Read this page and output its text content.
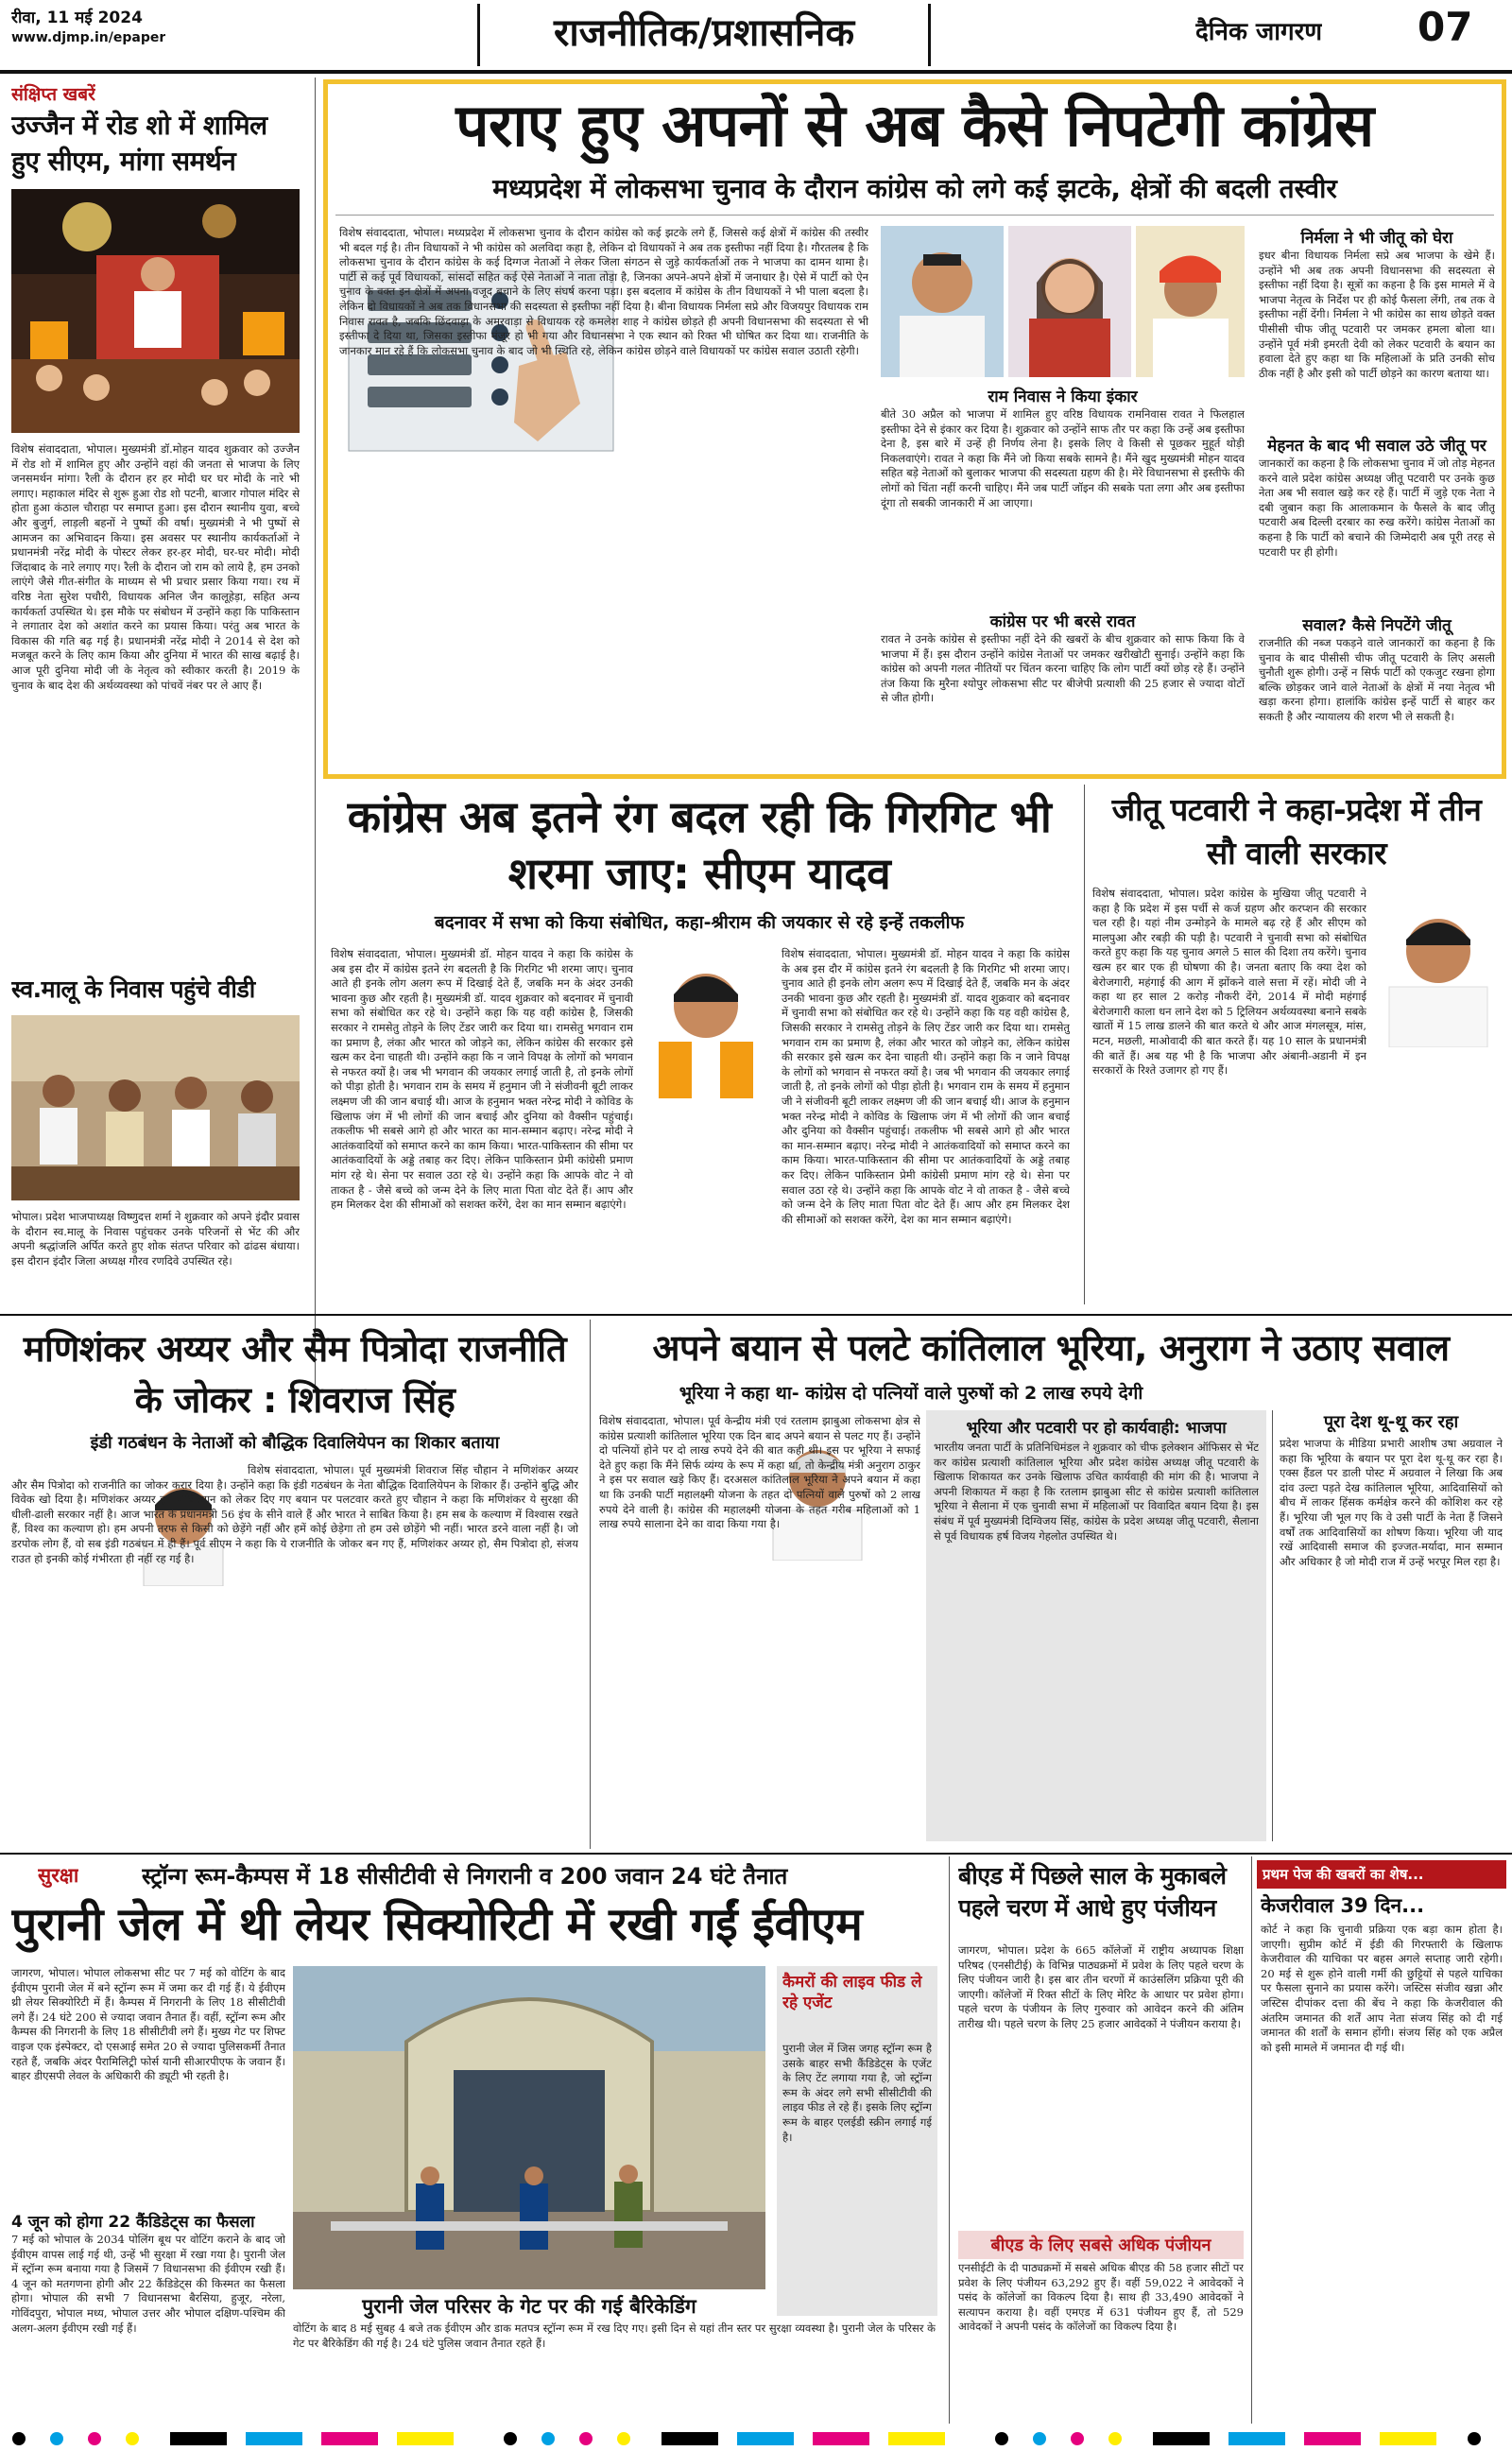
रीवा, 11 मई 2024
www.djmp.in/epaper	राजनीतिक/प्रशासनिक	दैनिक जागरण 07
संक्षिप्त खबरें
उज्जैन में रोड शो में शामिल हुए सीएम, मांगा समर्थन
विशेष संवाददाता, भोपाल। मुख्यमंत्री डॉ.मोहन यादव शुक्रवार को उज्जैन में रोड शो में शामिल हुए और उन्होंने वहां की जनता से भाजपा के लिए जनसमर्थन मांगा। रैली के दौरान हर हर मोदी घर घर मोदी के नारे भी लगाए। महाकाल मंदिर से शुरू हुआ रोड शो पटनी, बाजार गोपाल मंदिर से होता हुआ कंठाल चौराहा पर समाप्त हुआ। इस दौरान स्थानीय युवा, बच्चे और बुजुर्ग, लाड़ली बहनों ने पुष्पों की वर्षा। मुख्यमंत्री ने भी पुष्पों से आमजन का अभिवादन किया। इस अवसर पर स्थानीय कार्यकर्ताओं ने प्रधानमंत्री नरेंद्र मोदी के पोस्टर लेकर हर-हर मोदी, घर-घर मोदी। मोदी जिंदाबाद के नारे लगाए गए। रैली के दौरान जो राम को लाये है, हम उनको लाएंगे जैसे गीत-संगीत के माध्यम से भी प्रचार प्रसार किया गया। रथ में वरिष्ठ नेता सुरेश पचौरी, विधायक अनिल जैन कालूहेड़ा, सहित अन्य कार्यकर्ता उपस्थित थे। इस मौके पर संबोधन में उन्होंने कहा कि पाकिस्तान ने लगातार देश को अशांत करने का प्रयास किया। परंतु अब भारत के विकास की गति बढ़ गई है। प्रधानमंत्री नरेंद्र मोदी ने 2014 से देश को मजबूत करने के लिए काम किया और दुनिया में भारत की साख बढ़ाई है। आज पूरी दुनिया मोदी जी के नेतृत्व को स्वीकार करती है। 2019 के चुनाव के बाद देश की अर्थव्यवस्था को पांचवें नंबर पर ले आए हैं।
स्व.मालू के निवास पहुंचे वीडी
भोपाल। प्रदेश भाजपाध्यक्ष विष्णुदत्त शर्मा ने शुक्रवार को अपने इंदौर प्रवास के दौरान स्व.मालू के निवास पहुंचकर उनके परिजनों से भेंट की और अपनी श्रद्धांजलि अर्पित करते हुए शोक संतप्त परिवार को ढांढस बंधाया। इस दौरान इंदौर जिला अध्यक्ष गौरव रणदिवे उपस्थित रहे।
पराए हुए अपनों से अब कैसे निपटेगी कांग्रेस
मध्यप्रदेश में लोकसभा चुनाव के दौरान कांग्रेस को लगे कई झटके, क्षेत्रों की बदली तस्वीर
विशेष संवाददाता, भोपाल। मध्यप्रदेश में लोकसभा चुनाव के दौरान कांग्रेस को कई झटके लगे हैं, जिससे कई क्षेत्रों में कांग्रेस की तस्वीर भी बदल गई है। तीन विधायकों ने भी कांग्रेस को अलविदा कहा है, लेकिन दो विधायकों ने अब तक इस्तीफा नहीं दिया है। गौरतलब है कि लोकसभा चुनाव के दौरान कांग्रेस के कई दिग्गज नेताओं ने लेकर जिला संगठन से जुड़े कार्यकर्ताओं तक ने भाजपा का दामन थामा है। पार्टी से कई पूर्व विधायकों, सांसदों सहित कई ऐसे नेताओं ने नाता तोड़ा है, जिनका अपने-अपने क्षेत्रों में जनाधार है। ऐसे में पार्टी को ऐन चुनाव के वक्त इन क्षेत्रों में अपना वजूद बचाने के लिए संघर्ष करना पड़ा। इस बदलाव में कांग्रेस के तीन विधायकों ने भी पाला बदला है। लेकिन दो विधायकों ने अब तक विधानसभा की सदस्यता से इस्तीफा नहीं दिया है। बीना विधायक निर्मला सप्रे और विजयपुर विधायक राम निवास रावत है, जबकि छिंदवाड़ा के अमरवाड़ा से विधायक रहे कमलेश शाह ने कांग्रेस छोड़ते ही अपनी विधानसभा की सदस्यता से भी इस्तीफा दे दिया था, जिसका इस्तीफा मंजूर हो भी गया और विधानसभा ने एक स्थान को रिक्त भी घोषित कर दिया था। राजनीति के जानकार मान रहे हैं कि लोकसभा चुनाव के बाद जो भी स्थिति रहे, लेकिन कांग्रेस छोड़ने वाले विधायकों पर कांग्रेस सवाल उठाती रहेगी।
राम निवास ने किया इंकार
बीते 30 अप्रैल को भाजपा में शामिल हुए वरिष्ठ विधायक रामनिवास रावत ने फिलहाल इस्तीफा देने से इंकार कर दिया है। शुक्रवार को उन्होंने साफ तौर पर कहा कि उन्हें अब इस्तीफा देना है, इस बारे में उन्हें ही निर्णय लेना है। इसके लिए वे किसी से पूछकर मुहूर्त थोड़ी निकलवाएंगे। रावत ने कहा कि मैंने जो किया सबके सामने है। मैंने खुद मुख्यमंत्री मोहन यादव सहित बड़े नेताओं को बुलाकर भाजपा की सदस्यता ग्रहण की है। मेरे विधानसभा से इस्तीफे की लोगों को चिंता नहीं करनी चाहिए। मैंने जब पार्टी जॉइन की सबके पता लगा और अब इस्तीफा दूंगा तो सबकी जानकारी में आ जाएगा।
कांग्रेस पर भी बरसे रावत
रावत ने उनके कांग्रेस से इस्तीफा नहीं देने की खबरों के बीच शुक्रवार को साफ किया कि वे भाजपा में हैं। इस दौरान उन्होंने कांग्रेस नेताओं पर जमकर खरीखोटी सुनाई। उन्होंने कहा कि कांग्रेस को अपनी गलत नीतियों पर चिंतन करना चाहिए कि लोग पार्टी क्यों छोड़ रहे हैं। उन्होंने तंज किया कि मुरैना श्योपुर लोकसभा सीट पर बीजेपी प्रत्याशी की 25 हजार से ज्यादा वोटों से जीत होगी।
निर्मला ने भी जीतू को घेरा
इधर बीना विधायक निर्मला सप्रे अब भाजपा के खेमे हैं। उन्होंने भी अब तक अपनी विधानसभा की सदस्यता से इस्तीफा नहीं दिया है। सूत्रों का कहना है कि इस मामले में वे भाजपा नेतृत्व के निर्देश पर ही कोई फैसला लेंगी, तब तक वे इस्तीफा नहीं देंगी। निर्मला ने भी कांग्रेस का साथ छोड़ते वक्त पीसीसी चीफ जीतू पटवारी पर जमकर हमला बोला था। उन्होंने पूर्व मंत्री इमरती देवी को लेकर पटवारी के बयान का हवाला देते हुए कहा था कि महिलाओं के प्रति उनकी सोच ठीक नहीं है और इसी को पार्टी छोड़ने का कारण बताया था।
मेहनत के बाद भी सवाल उठे जीतू पर
जानकारों का कहना है कि लोकसभा चुनाव में जो तोड़ मेहनत करने वाले प्रदेश कांग्रेस अध्यक्ष जीतू पटवारी पर उनके कुछ नेता अब भी सवाल खड़े कर रहे हैं। पार्टी में जुड़े एक नेता ने दबी जुबान कहा कि आलाकमान के फैसले के बाद जीतू पटवारी अब दिल्ली दरबार का रुख करेंगे। कांग्रेस नेताओं का कहना है कि पार्टी को बचाने की जिम्मेदारी अब पूरी तरह से पटवारी पर ही होगी।
सवाल? कैसे निपटेंगे जीतू
राजनीति की नब्ज पकड़ने वाले जानकारों का कहना है कि चुनाव के बाद पीसीसी चीफ जीतू पटवारी के लिए असली चुनौती शुरू होगी। उन्हें न सिर्फ पार्टी को एकजुट रखना होगा बल्कि छोड़कर जाने वाले नेताओं के क्षेत्रों में नया नेतृत्व भी खड़ा करना होगा। हालांकि कांग्रेस इन्हें पार्टी से बाहर कर सकती है और न्यायालय की शरण भी ले सकती है।
कांग्रेस अब इतने रंग बदल रही कि गिरगिट भी शरमा जाए: सीएम यादव
बदनावर में सभा को किया संबोधित, कहा-श्रीराम की जयकार से रहे इन्हें तकलीफ
विशेष संवाददाता, भोपाल। मुख्यमंत्री डॉ. मोहन यादव ने कहा कि कांग्रेस के अब इस दौर में कांग्रेस इतने रंग बदलती है कि गिरगिट भी शरमा जाए। चुनाव आते ही इनके लोग अलग रूप में दिखाई देते हैं, जबकि मन के अंदर उनकी भावना कुछ और रहती है। मुख्यमंत्री डॉ. यादव शुक्रवार को बदनावर में चुनावी सभा को संबोधित कर रहे थे। उन्होंने कहा कि यह वही कांग्रेस है, जिसकी सरकार ने रामसेतु तोड़ने के लिए टेंडर जारी कर दिया था। रामसेतु भगवान राम का प्रमाण है, लंका और भारत को जोड़ने का, लेकिन कांग्रेस की सरकार इसे खत्म कर देना चाहती थी। उन्होंने कहा कि न जाने विपक्ष के लोगों को भगवान से नफरत क्यों है। जब भी भगवान की जयकार लगाई जाती है, तो इनके लोगों को पीड़ा होती है। भगवान राम के समय में हनुमान जी ने संजीवनी बूटी लाकर लक्ष्मण जी की जान बचाई थी। आज के हनुमान भक्त नरेन्द्र मोदी ने कोविड के खिलाफ जंग में भी लोगों की जान बचाई और दुनिया को वैक्सीन पहुंचाई। तकलीफ भी सबसे आगे हो और भारत का मान-सम्मान बढ़ाए। नरेन्द्र मोदी ने आतंकवादियों को समाप्त करने का काम किया। भारत-पाकिस्तान की सीमा पर आतंकवादियों के अड्डे तबाह कर दिए। लेकिन पाकिस्तान प्रेमी कांग्रेसी प्रमाण मांग रहे थे। सेना पर सवाल उठा रहे थे। उन्होंने कहा कि आपके वोट ने वो ताकत है - जैसे बच्चे को जन्म देने के लिए माता पिता वोट देते हैं। आप और हम मिलकर देश की सीमाओं को सशक्त करेंगे, देश का मान सम्मान बढ़ाएंगे।
विशेष संवाददाता, भोपाल। मुख्यमंत्री डॉ. मोहन यादव ने कहा कि कांग्रेस के अब इस दौर में कांग्रेस इतने रंग बदलती है कि गिरगिट भी शरमा जाए। चुनाव आते ही इनके लोग अलग रूप में दिखाई देते हैं, जबकि मन के अंदर उनकी भावना कुछ और रहती है। मुख्यमंत्री डॉ. यादव शुक्रवार को बदनावर में चुनावी सभा को संबोधित कर रहे थे। उन्होंने कहा कि यह वही कांग्रेस है, जिसकी सरकार ने रामसेतु तोड़ने के लिए टेंडर जारी कर दिया था। रामसेतु भगवान राम का प्रमाण है, लंका और भारत को जोड़ने का, लेकिन कांग्रेस की सरकार इसे खत्म कर देना चाहती थी। उन्होंने कहा कि न जाने विपक्ष के लोगों को भगवान से नफरत क्यों है। जब भी भगवान की जयकार लगाई जाती है, तो इनके लोगों को पीड़ा होती है। भगवान राम के समय में हनुमान जी ने संजीवनी बूटी लाकर लक्ष्मण जी की जान बचाई थी। आज के हनुमान भक्त नरेन्द्र मोदी ने कोविड के खिलाफ जंग में भी लोगों की जान बचाई और दुनिया को वैक्सीन पहुंचाई। तकलीफ भी सबसे आगे हो और भारत का मान-सम्मान बढ़ाए। नरेन्द्र मोदी ने आतंकवादियों को समाप्त करने का काम किया। भारत-पाकिस्तान की सीमा पर आतंकवादियों के अड्डे तबाह कर दिए। लेकिन पाकिस्तान प्रेमी कांग्रेसी प्रमाण मांग रहे थे। सेना पर सवाल उठा रहे थे। उन्होंने कहा कि आपके वोट ने वो ताकत है - जैसे बच्चे को जन्म देने के लिए माता पिता वोट देते हैं। आप और हम मिलकर देश की सीमाओं को सशक्त करेंगे, देश का मान सम्मान बढ़ाएंगे।
जीतू पटवारी ने कहा-प्रदेश में तीन सौ वाली सरकार
विशेष संवाददाता, भोपाल। प्रदेश कांग्रेस के मुखिया जीतू पटवारी ने कहा है कि प्रदेश में इस पर्ची से कर्ज ग्रहण और करप्शन की सरकार चल रही है। यहां नीम उन्मोड़ने के मामले बढ़ रहे हैं और सीएम को मालपुआ और रबड़ी की पड़ी है। पटवारी ने चुनावी सभा को संबोधित करते हुए कहा कि यह चुनाव अगले 5 साल की दिशा तय करेंगे। चुनाव खत्म हर बार एक ही घोषणा की है। जनता बताए कि क्या देश को बेरोजगारी, महंगाई की आग में झोंकने वाले सत्ता में रहें। मोदी जी ने कहा था हर साल 2 करोड़ नौकरी देंगे, 2014 में मोदी महंगाई बेरोजगारी काला धन लाने देश को 5 ट्रिलियन अर्थव्यवस्था बनाने सबके खातों में 15 लाख डालने की बात करते थे और आज मंगलसूत्र, मांस, मटन, मछली, माओवादी की बात करते हैं। यह 10 साल के प्रधानमंत्री की बातें हैं। अब यह भी है कि भाजपा और अंबानी-अडानी में इन सरकारों के रिश्ते उजागर हो गए हैं।
मणिशंकर अय्यर और सैम पित्रोदा राजनीति के जोकर : शिवराज सिंह
इंडी गठबंधन के नेताओं को बौद्धिक दिवालियेपन का शिकार बताया
विशेष संवाददाता, भोपाल। पूर्व मुख्यमंत्री शिवराज सिंह चौहान ने मणिशंकर अय्यर और सैम पित्रोदा को राजनीति का जोकर करार दिया है। उन्होंने कहा कि इंडी गठबंधन के नेता बौद्धिक दिवालियेपन के शिकार हैं। उन्होंने बुद्धि और विवेक खो दिया है। मणिशंकर अय्यर हम पाकिस्तान को लेकर दिए गए बयान पर पलटवार करते हुए चौहान ने कहा कि मणिशंकर ये सुरक्षा की धीली-ढाली सरकार नहीं है। आज भारत के प्रधानमंत्री 56 इंच के सीने वाले हैं और भारत ने साबित किया है। हम सब के कल्याण में विश्वास रखते हैं, विश्व का कल्याण हो। हम अपनी तरफ से किसी को छेड़ेंगे नहीं और हमें कोई छेड़ेगा तो हम उसे छोड़ेंगे भी नहीं। भारत डरने वाला नहीं है। जो डरपोक लोग हैं, वो सब इंडी गठबंधन में ही हैं। पूर्व सीएम ने कहा कि ये राजनीति के जोकर बन गए हैं, मणिशंकर अय्यर हो, सैम पित्रोदा हो, संजय राउत हो इनकी कोई गंभीरता ही नहीं रह गई है।
अपने बयान से पलटे कांतिलाल भूरिया, अनुराग ने उठाए सवाल
भूरिया ने कहा था- कांग्रेस दो पत्नियों वाले पुरुषों को 2 लाख रुपये देगी
विशेष संवाददाता, भोपाल। पूर्व केन्द्रीय मंत्री एवं रतलाम झाबुआ लोकसभा क्षेत्र से कांग्रेस प्रत्याशी कांतिलाल भूरिया एक दिन बाद अपने बयान से पलट गए हैं। उन्होंने दो पत्नियों होने पर दो लाख रुपये देने की बात कही थी। इस पर भूरिया ने सफाई देते हुए कहा कि मैंने सिर्फ व्यंग्य के रूप में कहा था, तो केन्द्रीय मंत्री अनुराग ठाकुर ने इस पर सवाल खड़े किए हैं। दरअसल कांतिलाल भूरिया ने अपने बयान में कहा था कि उनकी पार्टी महालक्ष्मी योजना के तहत दो पत्नियों वाले पुरुषों को 2 लाख रुपये देने वाली है। कांग्रेस की महालक्ष्मी योजना के तहत गरीब महिलाओं को 1 लाख रुपये सालाना देने का वादा किया गया है।
भूरिया और पटवारी पर हो कार्यवाही: भाजपा
भारतीय जनता पार्टी के प्रतिनिधिमंडल ने शुक्रवार को चीफ इलेक्शन ऑफिसर से भेंट कर कांग्रेस प्रत्याशी कांतिलाल भूरिया और प्रदेश कांग्रेस अध्यक्ष जीतू पटवारी के खिलाफ शिकायत कर उनके खिलाफ उचित कार्यवाही की मांग की है। भाजपा ने अपनी शिकायत में कहा है कि रतलाम झाबुआ सीट से कांग्रेस प्रत्याशी कांतिलाल भूरिया ने सैलाना में एक चुनावी सभा में महिलाओं पर विवादित बयान दिया है। इस संबंध में पूर्व मुख्यमंत्री दिग्विजय सिंह, कांग्रेस के प्रदेश अध्यक्ष जीतू पटवारी, सैलाना से पूर्व विधायक हर्ष विजय गेहलोत उपस्थित थे।
पूरा देश थू-थू कर रहा
प्रदेश भाजपा के मीडिया प्रभारी आशीष उषा अग्रवाल ने कहा कि भूरिया के बयान पर पूरा देश थू-थू कर रहा है। एक्स हैंडल पर डाली पोस्ट में अग्रवाल ने लिखा कि अब दांव उल्टा पड़ते देख कांतिलाल भूरिया, आदिवासियों को बीच में लाकर हिंसक कर्मक्षेत्र करने की कोशिश कर रहे हैं। भूरिया जी भूल गए कि वे उसी पार्टी के नेता हैं जिसने वर्षों तक आदिवासियों का शोषण किया। भूरिया जी याद रखें आदिवासी समाज की इज्जत-मर्यादा, मान सम्मान और अधिकार है जो मोदी राज में उन्हें भरपूर मिल रहा है।
सुरक्षा	स्ट्रॉन्ग रूम-कैम्पस में 18 सीसीटीवी से निगरानी व 200 जवान 24 घंटे तैनात
पुरानी जेल में थी लेयर सिक्योरिटी में रखी गईं ईवीएम
जागरण, भोपाल। भोपाल लोकसभा सीट पर 7 मई को वोटिंग के बाद ईवीएम पुरानी जेल में बने स्ट्रॉन्ग रूम में जमा कर दी गई हैं। ये ईवीएम थ्री लेयर सिक्योरिटी में हैं। कैम्पस में निगरानी के लिए 18 सीसीटीवी लगे हैं। 24 घंटे 200 से ज्यादा जवान तैनात हैं। वहीं, स्ट्रॉन्ग रूम और कैम्पस की निगरानी के लिए 18 सीसीटीवी लगे हैं। मुख्य गेट पर शिफ्ट वाइज एक इंस्पेक्टर, दो एसआई समेत 20 से ज्यादा पुलिसकर्मी तैनात रहते हैं, जबकि अंदर पैरामिलिट्री फोर्स यानी सीआरपीएफ के जवान हैं। बाहर डीएसपी लेवल के अधिकारी की ड्यूटी भी रहती है।
4 जून को होगा 22 कैंडिडेट्स का फैसला
7 मई को भोपाल के 2034 पोलिंग बूथ पर वोटिंग कराने के बाद जो ईवीएम वापस लाई गई थी, उन्हें भी सुरक्षा में रखा गया है। पुरानी जेल में स्ट्रॉन्ग रूम बनाया गया है जिसमें 7 विधानसभा की ईवीएम रखी हैं। 4 जून को मतगणना होगी और 22 कैंडिडेट्स की किस्मत का फैसला होगा। भोपाल की सभी 7 विधानसभा बैरसिया, हुजूर, नरेला, गोविंदपुरा, भोपाल मध्य, भोपाल उत्तर और भोपाल दक्षिण-पश्चिम की अलग-अलग ईवीएम रखी गई हैं।
पुरानी जेल परिसर के गेट पर की गई बैरिकेडिंग
वोटिंग के बाद 8 मई सुबह 4 बजे तक ईवीएम और डाक मतपत्र स्ट्रॉन्ग रूम में रख दिए गए। इसी दिन से यहां तीन स्तर पर सुरक्षा व्यवस्था है। पुरानी जेल के परिसर के गेट पर बैरिकेडिंग की गई है। 24 घंटे पुलिस जवान तैनात रहते हैं।
कैमरों की लाइव फीड ले रहे एजेंट
पुरानी जेल में जिस जगह स्ट्रॉन्ग रूम है उसके बाहर सभी कैंडिडेट्स के एजेंट के लिए टेंट लगाया गया है, जो स्ट्रॉन्ग रूम के अंदर लगे सभी सीसीटीवी की लाइव फीड ले रहे हैं। इसके लिए स्ट्रॉन्ग रूम के बाहर एलईडी स्क्रीन लगाई गई है।
बीएड में पिछले साल के मुकाबले पहले चरण में आधे हुए पंजीयन
जागरण, भोपाल। प्रदेश के 665 कॉलेजों में राष्ट्रीय अध्यापक शिक्षा परिषद (एनसीटीई) के विभिन्न पाठ्यक्रमों में प्रवेश के लिए पहले चरण के लिए पंजीयन जारी है। इस बार तीन चरणों में काउंसलिंग प्रक्रिया पूरी की जाएगी। कॉलेजों में रिक्त सीटों के लिए मेरिट के आधार पर प्रवेश होगा। पहले चरण के पंजीयन के लिए गुरुवार को आवेदन करने की अंतिम तारीख थी। पहले चरण के लिए 25 हजार आवेदकों ने पंजीयन कराया है।
बीएड के लिए सबसे अधिक पंजीयन
एनसीईटी के दी पाठ्यक्रमों में सबसे अधिक बीएड की 58 हजार सीटों पर प्रवेश के लिए पंजीयन 63,292 हुए हैं। वहीं 59,022 ने आवेदकों ने पसंद के कॉलेजों का विकल्प दिया है। साथ ही 33,490 आवेदकों ने सत्यापन कराया है। वहीं एमएड में 631 पंजीयन हुए हैं, तो 529 आवेदकों ने अपनी पसंद के कॉलेजों का विकल्प दिया है।
प्रथम पेज की खबरों का शेष...
केजरीवाल 39 दिन...
कोर्ट ने कहा कि चुनावी प्रक्रिया एक बड़ा काम होता है। जाएगी। सुप्रीम कोर्ट में ईडी की गिरफ्तारी के खिलाफ केजरीवाल की याचिका पर बहस अगले सप्ताह जारी रहेगी। 20 मई से शुरू होने वाली गर्मी की छुट्टियों से पहले याचिका पर फैसला सुनाने का प्रयास करेंगे। जस्टिस संजीव खन्ना और जस्टिस दीपांकर दत्ता की बेंच ने कहा कि केजरीवाल की अंतरिम जमानत की शर्तें आप नेता संजय सिंह को दी गई जमानत की शर्तों के समान होंगी। संजय सिंह को एक अप्रैल को इसी मामले में जमानत दी गई थी।
